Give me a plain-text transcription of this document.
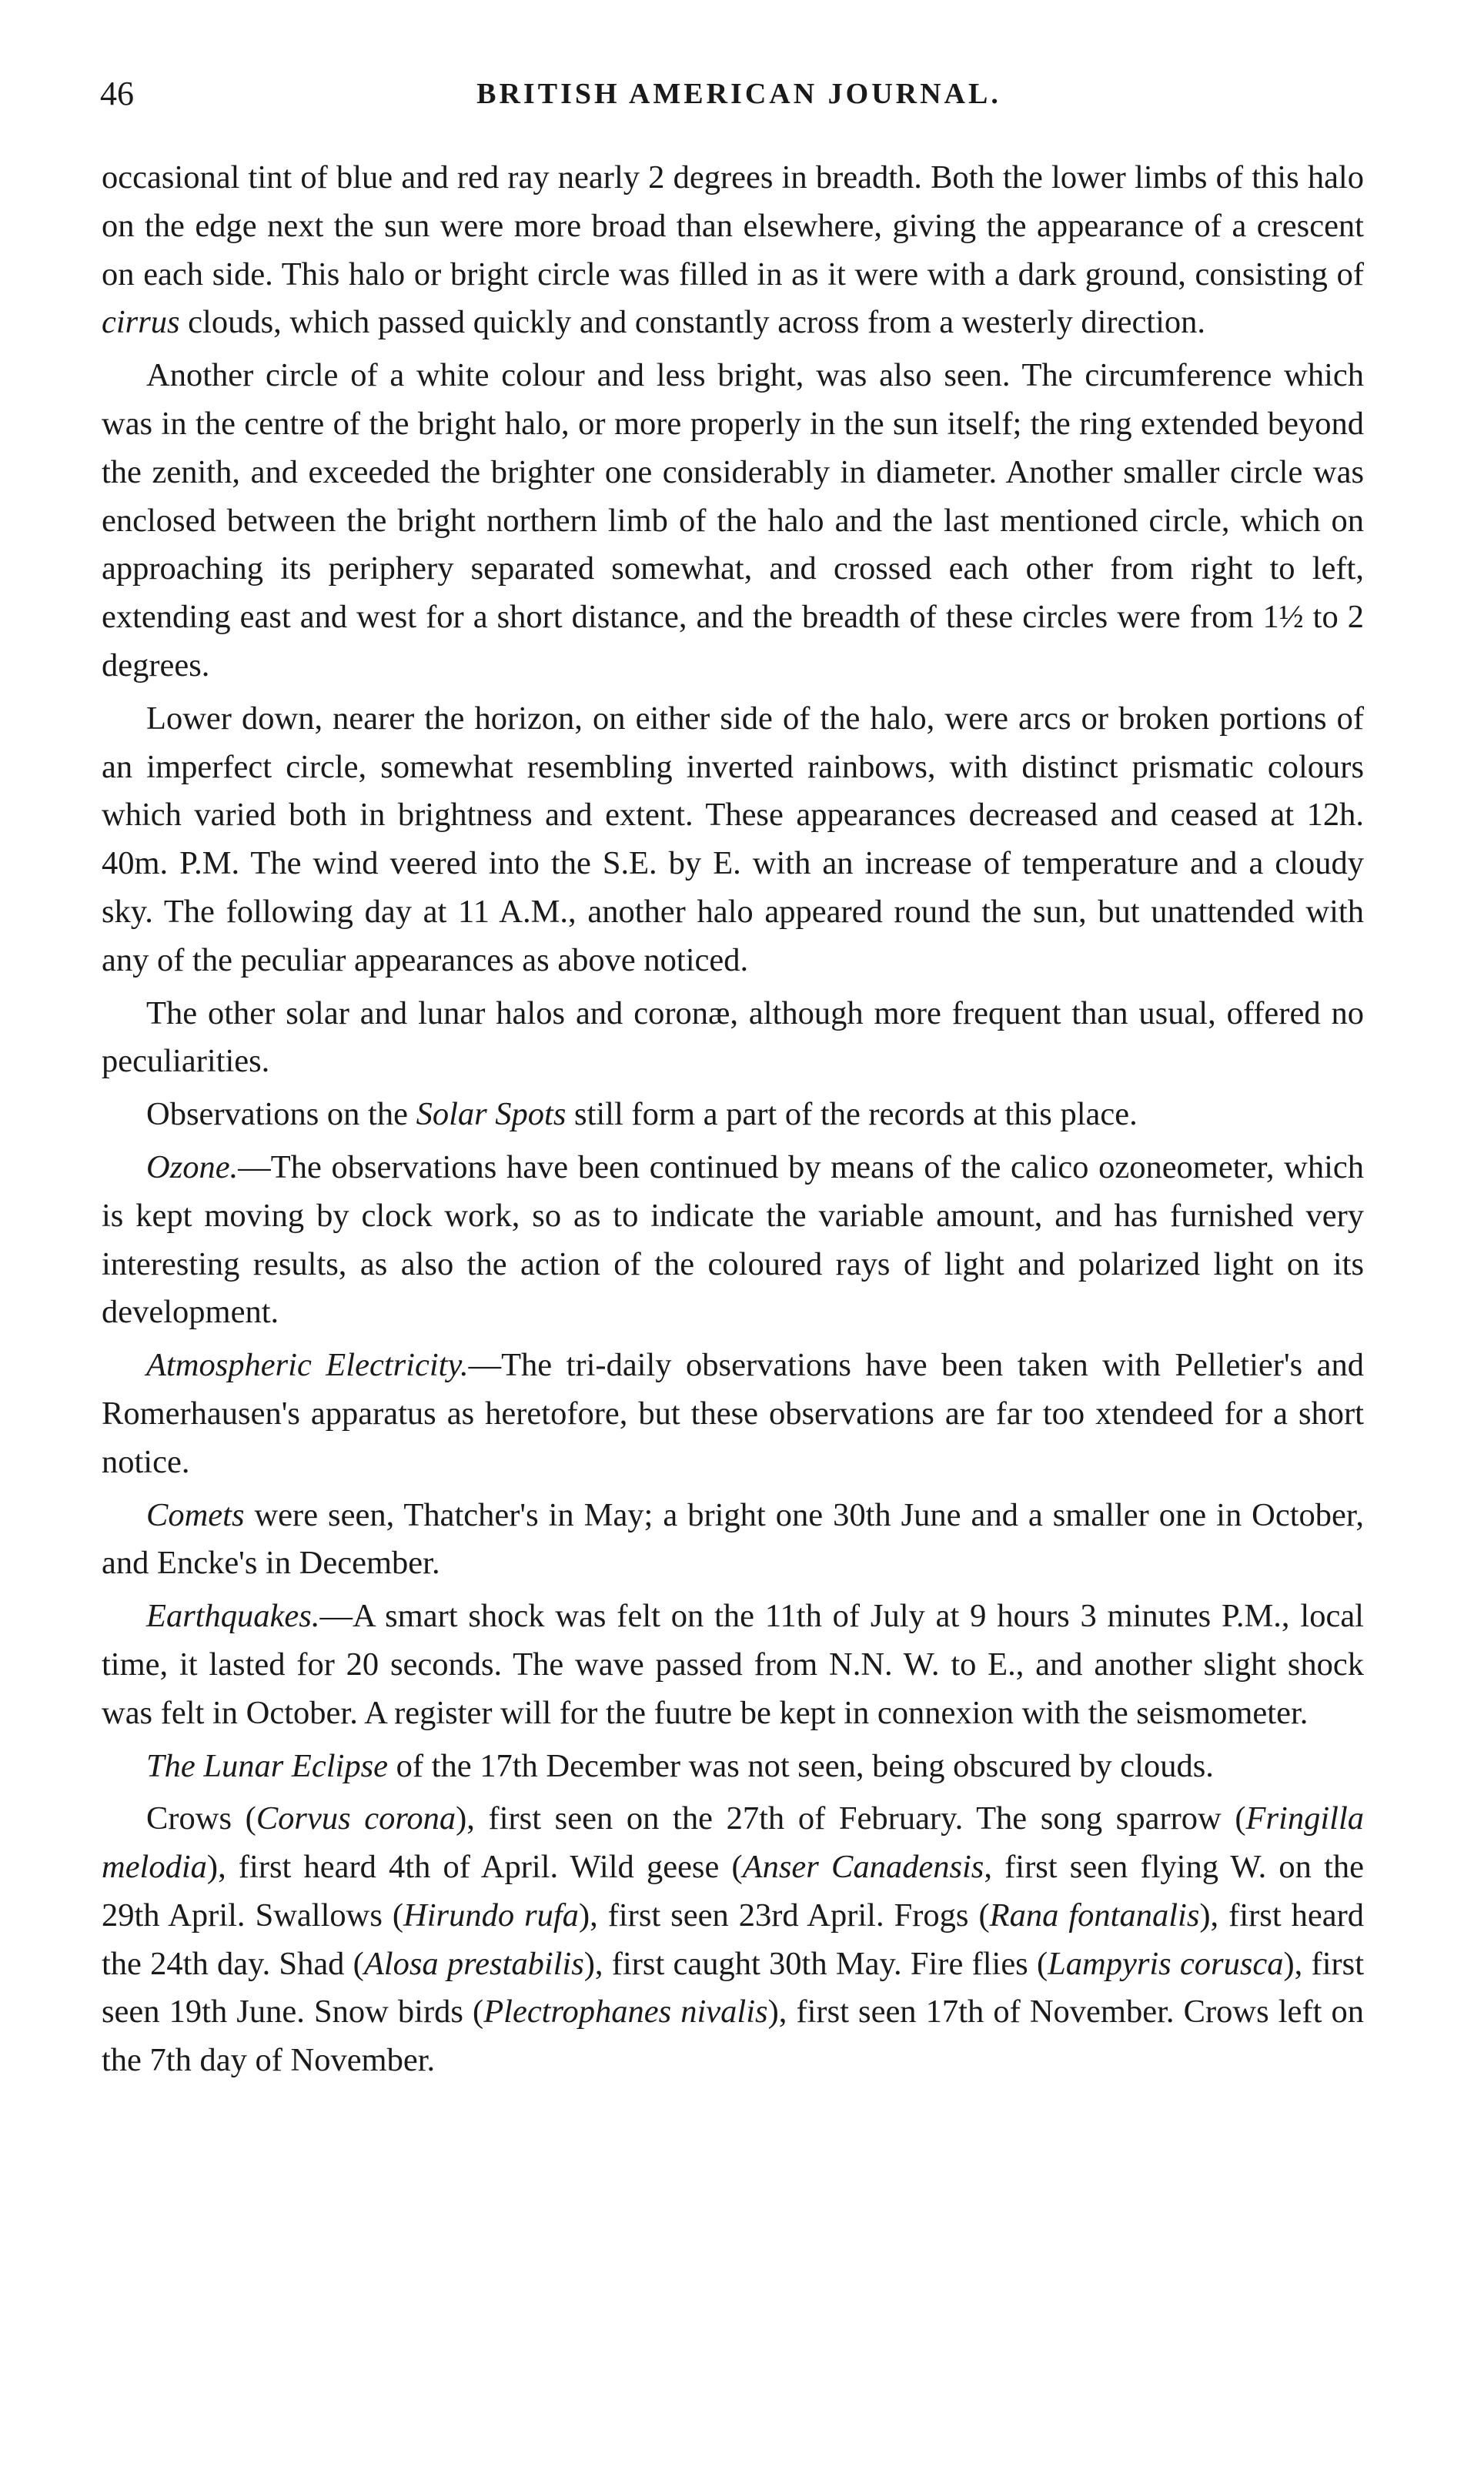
46	BRITISH AMERICAN JOURNAL.

occasional tint of blue and red ray nearly 2 degrees in breadth. Both the lower limbs of this halo on the edge next the sun were more broad than elsewhere, giving the appearance of a crescent on each side. This halo or bright circle was filled in as it were with a dark ground, consisting of cirrus clouds, which passed quickly and constantly across from a westerly direction.

Another circle of a white colour and less bright, was also seen. The circumference which was in the centre of the bright halo, or more properly in the sun itself; the ring extended beyond the zenith, and exceeded the brighter one considerably in diameter. Another smaller circle was enclosed between the bright northern limb of the halo and the last mentioned circle, which on approaching its periphery separated somewhat, and crossed each other from right to left, extending east and west for a short distance, and the breadth of these circles were from 1½ to 2 degrees.

Lower down, nearer the horizon, on either side of the halo, were arcs or broken portions of an imperfect circle, somewhat resembling inverted rainbows, with distinct prismatic colours which varied both in brightness and extent. These appearances decreased and ceased at 12h. 40m. P.M. The wind veered into the S.E. by E. with an increase of temperature and a cloudy sky. The following day at 11 A.M., another halo appeared round the sun, but unattended with any of the peculiar appearances as above noticed.

The other solar and lunar halos and coronæ, although more frequent than usual, offered no peculiarities.

Observations on the Solar Spots still form a part of the records at this place.

Ozone.—The observations have been continued by means of the calico ozoneometer, which is kept moving by clock work, so as to indicate the variable amount, and has furnished very interesting results, as also the action of the coloured rays of light and polarized light on its development.

Atmospheric Electricity.—The tri-daily observations have been taken with Pelletier's and Romerhausen's apparatus as heretofore, but these observations are far too xtendeed for a short notice.

Comets were seen, Thatcher's in May; a bright one 30th June and a smaller one in October, and Encke's in December.

Earthquakes.—A smart shock was felt on the 11th of July at 9 hours 3 minutes P.M., local time, it lasted for 20 seconds. The wave passed from N.N. W. to E., and another slight shock was felt in October. A register will for the fuutre be kept in connexion with the seismometer.

The Lunar Eclipse of the 17th December was not seen, being obscured by clouds.

Crows (Corvus corona), first seen on the 27th of February. The song sparrow (Fringilla melodia), first heard 4th of April. Wild geese (Anser Canadensis, first seen flying W. on the 29th April. Swallows (Hirundo rufa), first seen 23rd April. Frogs (Rana fontanalis), first heard the 24th day. Shad (Alosa prestabilis), first caught 30th May. Fire flies (Lampyris corusca), first seen 19th June. Snow birds (Plectrophanes nivalis), first seen 17th of November. Crows left on the 7th day of November.
